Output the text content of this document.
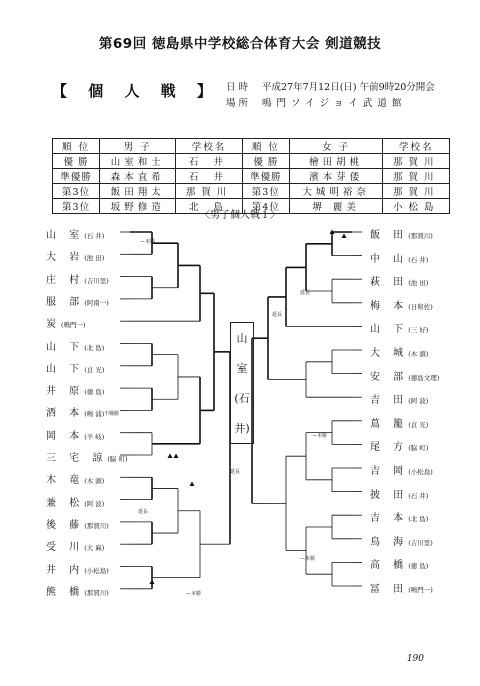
第69回 徳島県中学校総合体育大会 剣道競技
【 個 人 戦 】 日 時 平成27年7月12日(日) 午前9時20分開会
場 所 鳴門ソイジョイ武道館
順 位	男 子	学校名	順 位	女 子	学校名
優 勝	山室和士	石 井	優 勝	檜田胡桃	那賀川
準優勝	森本直希	石 井	準優勝	濱本芽倭	那賀川
第3位	飯田翔太	那賀川	第3位	大城明裕奈	那賀川
第3位	坂野修造	北 島	第4位	堺 麗美	小松島
〈男子個人戦１〉
山 室(石 井)
大 岩(池 田)
庄 村(吉川里)
服 部(阿南一)
炭(鳴門一)
山 下(北 島)
山 下(貞 光)
井 原(徳 島)
酒 本(鳴 浦)
岡 本(羊 岐)
三 宅 諒(脇 町)
木 竜(木 頭)
兼 松(阿 波)
後 藤(那賀川)
受 川(大 麻)
井 内(小松島)
熊 橋(那賀川)
飯 田(那賀川)
中 山(石 井)
萩 田(池 田)
梅 本(日和佐)
山 下(三 好)
大 城(木 頭)
安 部(徳島文理)
吉 田(阿 波)
蔦 籠(貞 光)
尾 方(脇 町)
吉 岡(小松島)
披 田(石 井)
吉 本(北 島)
鳥 海(吉川里)
高 橋(徳 島)
冨 田(鳴門一)
山
室
(石
井)
ー本勝
不戦勝
延長
延長
延長
延長
ー本勝
ー本勝
ー本勝
190
